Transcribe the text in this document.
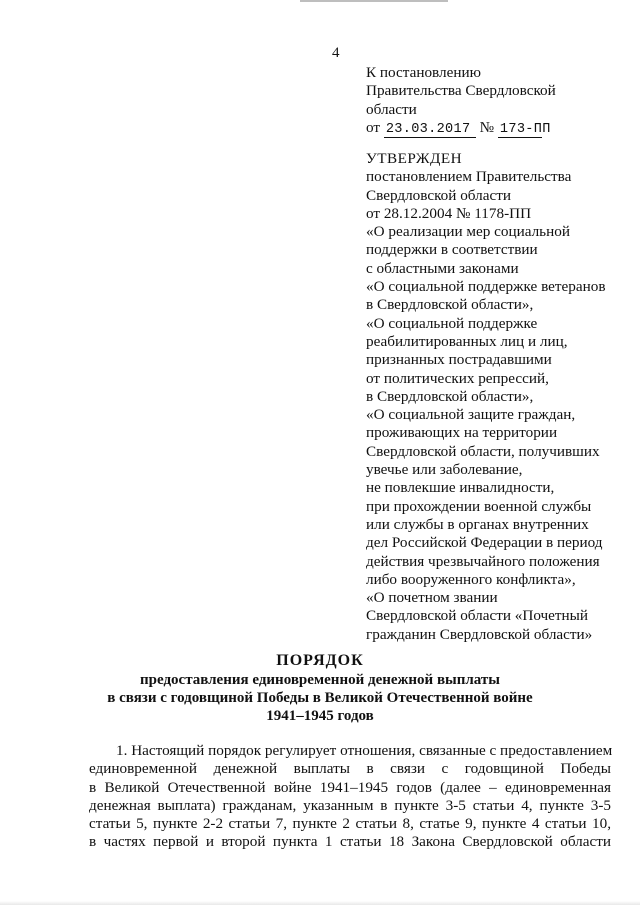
4
К постановлению
Правительства Свердловской
области
от 23.03.2017 № 173-ПП
УТВЕРЖДЕН
постановлением Правительства
Свердловской области
от 28.12.2004 № 1178-ПП
«О реализации мер социальной
поддержки в соответствии
с областными законами
«О социальной поддержке ветеранов
в Свердловской области»,
«О социальной поддержке
реабилитированных лиц и лиц,
признанных пострадавшими
от политических репрессий,
в Свердловской области»,
«О социальной защите граждан,
проживающих на территории
Свердловской области, получивших
увечье или заболевание,
не повлекшие инвалидности,
при прохождении военной службы
или службы в органах внутренних
дел Российской Федерации в период
действия чрезвычайного положения
либо вооруженного конфликта»,
«О почетном звании
Свердловской области «Почетный
гражданин Свердловской области»
ПОРЯДОК
предоставления единовременной денежной выплаты
в связи с годовщиной Победы в Великой Отечественной войне
1941–1945 годов
1. Настоящий порядок регулирует отношения, связанные с предоставлением
единовременной денежной выплаты в связи с годовщиной Победы
в Великой Отечественной войне 1941–1945 годов (далее – единовременная
денежная выплата) гражданам, указанным в пункте 3-5 статьи 4, пункте 3-5
статьи 5, пункте 2-2 статьи 7, пункте 2 статьи 8, статье 9, пункте 4 статьи 10,
в частях первой и второй пункта 1 статьи 18 Закона Свердловской области
